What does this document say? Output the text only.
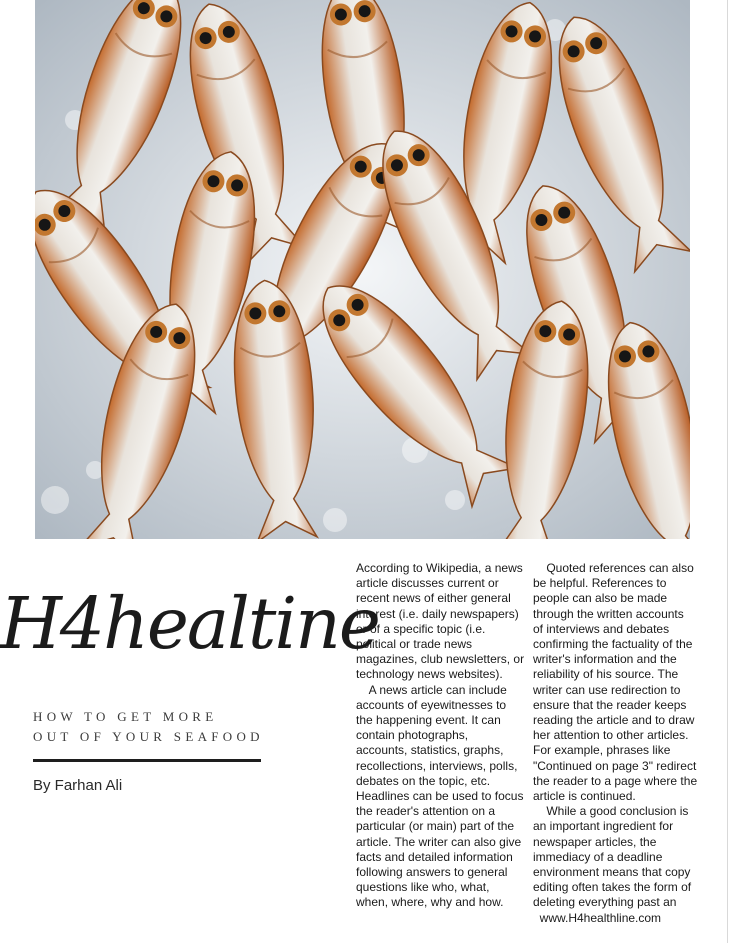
H4healtine
HOW TO GET MORE
OUT OF YOUR SEAFOOD
By Farhan Ali

According to Wikipedia, a news

article discusses current or

recent news of either general

interest (i.e. daily newspapers)

or of a specific topic (i.e.

political or trade news

magazines, club newsletters, or

technology news websites).

A news article can include

accounts of eyewitnesses to

the happening event. It can

contain photographs,

accounts, statistics, graphs,

recollections, interviews, polls,

debates on the topic, etc.

Headlines can be used to focus

the reader's attention on a

particular (or main) part of the

article. The writer can also give

facts and detailed information

following answers to general

questions like who, what,

when, where, why and how.

Quoted references can also

be helpful. References to

people can also be made

through the written accounts

of interviews and debates

confirming the factuality of the

writer's information and the

reliability of his source. The

writer can use redirection to

ensure that the reader keeps

reading the article and to draw

her attention to other articles.

For example, phrases like

"Continued on page 3" redirect

the reader to a page where the

article is continued.

While a good conclusion is

an important ingredient for

newspaper articles, the

immediacy of a deadline

environment means that copy

editing often takes the form of

deleting everything past an

www.H4healthline.com
